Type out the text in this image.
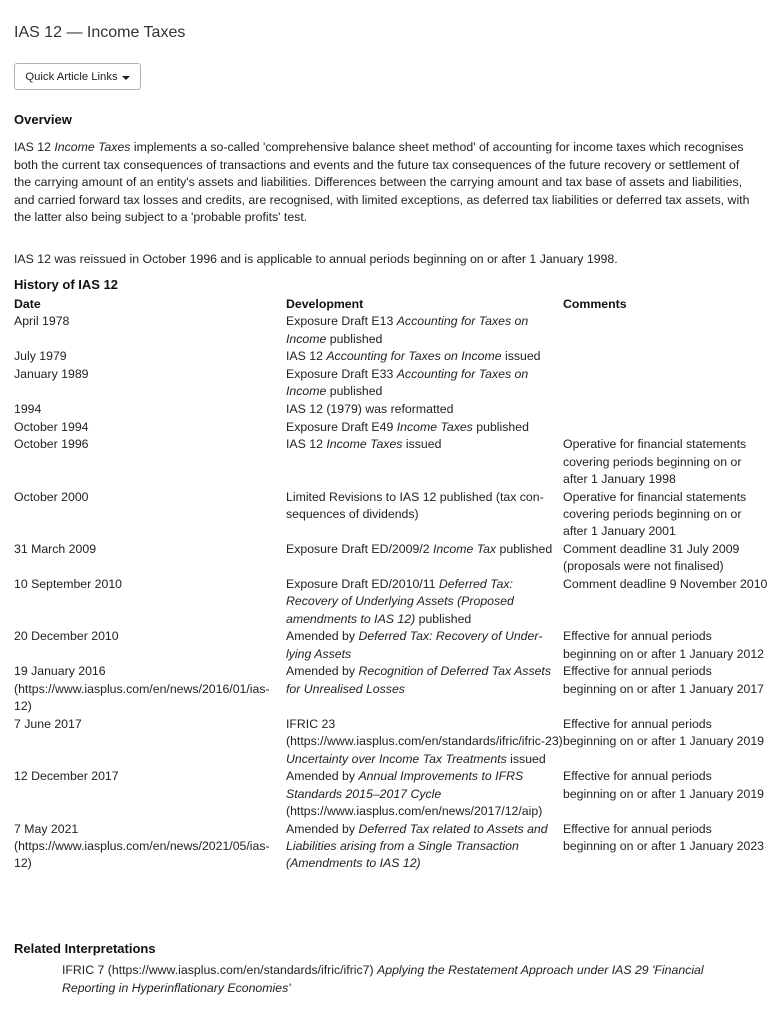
IAS 12 — Income Taxes
Quick Article Links
Overview

IAS 12 Income Taxes implements a so-called 'comprehensive balance sheet method' of accounting for income taxes which recognises both the current tax consequences of transactions and events and the future tax consequences of the future recovery or settlement of the carrying amount of an entity's assets and liabilities. Differences between the carrying amount and tax base of assets and liabilities, and carried forward tax losses and credits, are recognised, with limited exceptions, as deferred tax liabilities or deferred tax assets, with the latter also being subject to a 'probable profits' test.

IAS 12 was reissued in October 1996 and is applicable to annual periods beginning on or after 1 January 1998.

History of IAS 12
Date	Development	Comments
April 1978	Exposure Draft E13 Accounting for Taxes on Income published	
July 1979	IAS 12 Accounting for Taxes on Income issued	
January 1989	Exposure Draft E33 Accounting for Taxes on Income published	
1994	IAS 12 (1979) was reformatted	
October 1994	Exposure Draft E49 Income Taxes published	
October 1996	IAS 12 Income Taxes issued	Operative for financial statements covering periods beginning on or after 1 January 1998
October 2000	Limited Revisions to IAS 12 published (tax consequences of dividends)	Operative for financial statements covering periods beginning on or after 1 January 2001
31 March 2009	Exposure Draft ED/2009/2 Income Tax published	Comment deadline 31 July 2009 (proposals were not finalised)
10 September 2010	Exposure Draft ED/2010/11 Deferred Tax: Recovery of Underlying Assets (Proposed amendments to IAS 12) published	Comment deadline 9 November 2010
20 December 2010	Amended by Deferred Tax: Recovery of Underlying Assets	Effective for annual periods beginning on or after 1 January 2012
19 January 2016 (https://www.iasplus.com/en/news/2016/01/ias-12)	Amended by Recognition of Deferred Tax Assets for Unrealised Losses	Effective for annual periods beginning on or after 1 January 2017
7 June 2017	IFRIC 23 (https://www.iasplus.com/en/standards/ifric/ifric-23) Uncertainty over Income Tax Treatments issued	Effective for annual periods beginning on or after 1 January 2019
12 December 2017	Amended by Annual Improvements to IFRS Standards 2015–2017 Cycle (https://www.iasplus.com/en/news/2017/12/aip)	Effective for annual periods beginning on or after 1 January 2019
7 May 2021 (https://www.iasplus.com/en/news/2021/05/ias-12)	Amended by Deferred Tax related to Assets and Liabilities arising from a Single Transaction (Amendments to IAS 12)	Effective for annual periods beginning on or after 1 January 2023
Related Interpretations
IFRIC 7 (https://www.iasplus.com/en/standards/ifric/ifric7) Applying the Restatement Approach under IAS 29 'Financial Reporting in Hyperinflationary Economies'
